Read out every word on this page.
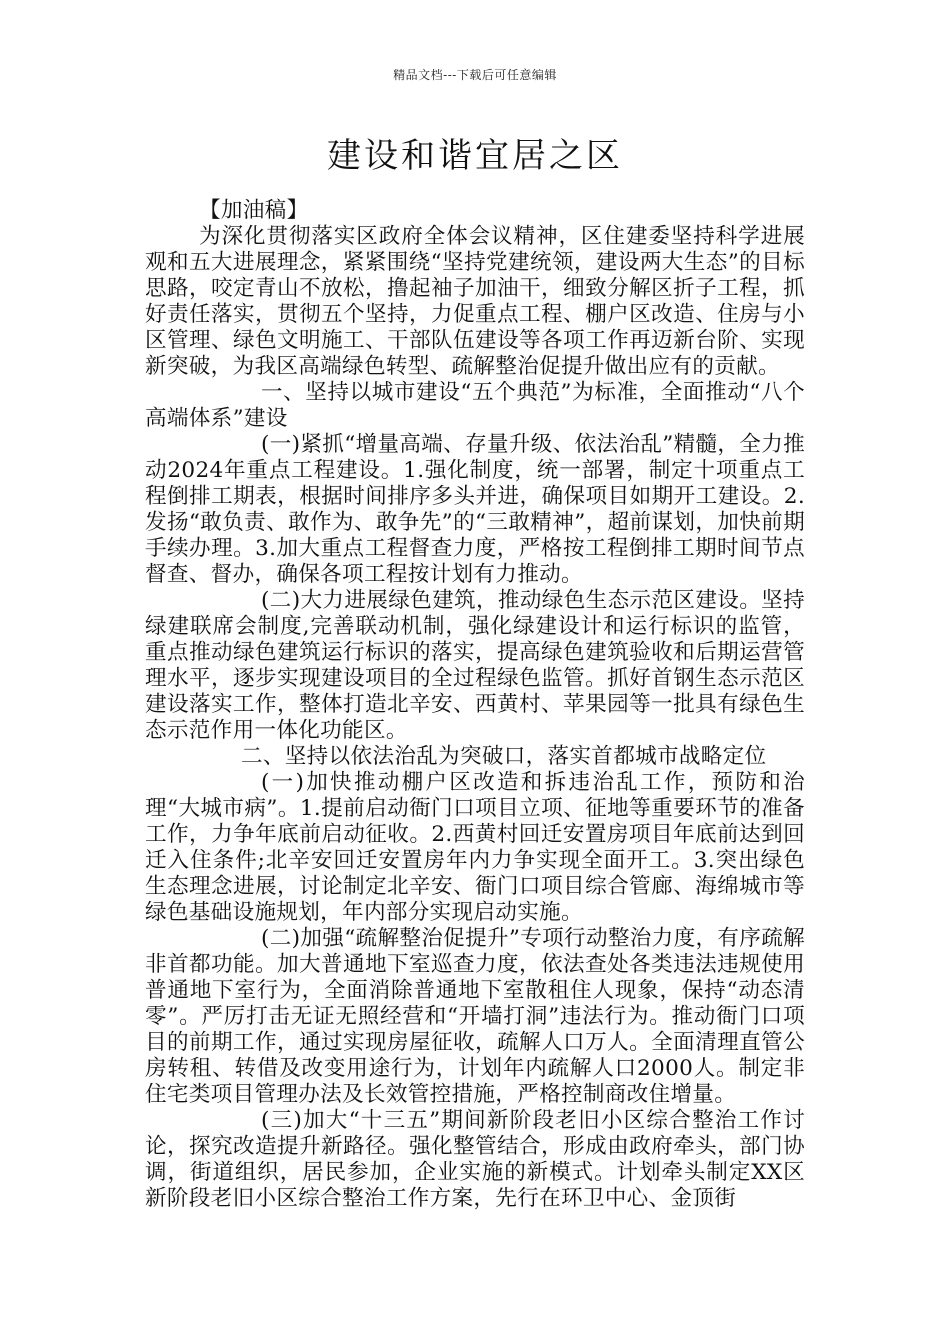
精品文档---下载后可任意编辑
建设和谐宜居之区

【加油稿】

为深化贯彻落实区政府全体会议精神，区住建委坚持科学进展观和五大进展理念，紧紧围绕“坚持党建统领，建设两大生态”的目标思路，咬定青山不放松，撸起袖子加油干，细致分解区折子工程，抓好责任落实，贯彻五个坚持，力促重点工程、棚户区改造、住房与小区管理、绿色文明施工、干部队伍建设等各项工作再迈新台阶、实现新突破，为我区高端绿色转型、疏解整治促提升做出应有的贡献。

一、坚持以城市建设“五个典范”为标准，全面推动“八个高端体系”建设

(一)紧抓“增量高端、存量升级、依法治乱”精髓，全力推动2024年重点工程建设。1.强化制度，统一部署，制定十项重点工程倒排工期表，根据时间排序多头并进，确保项目如期开工建设。2.发扬“敢负责、敢作为、敢争先”的“三敢精神”，超前谋划，加快前期手续办理。3.加大重点工程督查力度，严格按工程倒排工期时间节点督查、督办，确保各项工程按计划有力推动。

(二)大力进展绿色建筑，推动绿色生态示范区建设。坚持绿建联席会制度,完善联动机制，强化绿建设计和运行标识的监管，重点推动绿色建筑运行标识的落实，提高绿色建筑验收和后期运营管理水平，逐步实现建设项目的全过程绿色监管。抓好首钢生态示范区建设落实工作，整体打造北辛安、西黄村、苹果园等一批具有绿色生态示范作用一体化功能区。

二、坚持以依法治乱为突破口，落实首都城市战略定位

(一)加快推动棚户区改造和拆违治乱工作，预防和治理“大城市病”。1.提前启动衙门口项目立项、征地等重要环节的准备工作，力争年底前启动征收。2.西黄村回迁安置房项目年底前达到回迁入住条件;北辛安回迁安置房年内力争实现全面开工。3.突出绿色生态理念进展，讨论制定北辛安、衙门口项目综合管廊、海绵城市等绿色基础设施规划，年内部分实现启动实施。

(二)加强“疏解整治促提升”专项行动整治力度，有序疏解非首都功能。加大普通地下室巡查力度，依法查处各类违法违规使用普通地下室行为，全面消除普通地下室散租住人现象，保持“动态清零”。严厉打击无证无照经营和“开墙打洞”违法行为。推动衙门口项目的前期工作，通过实现房屋征收，疏解人口万人。全面清理直管公房转租、转借及改变用途行为，计划年内疏解人口2000人。制定非住宅类项目管理办法及长效管控措施，严格控制商改住增量。

(三)加大“十三五”期间新阶段老旧小区综合整治工作讨论，探究改造提升新路径。强化整管结合，形成由政府牵头，部门协调，街道组织，居民参加，企业实施的新模式。计划牵头制定XX区新阶段老旧小区综合整治工作方案，先行在环卫中心、金顶街
